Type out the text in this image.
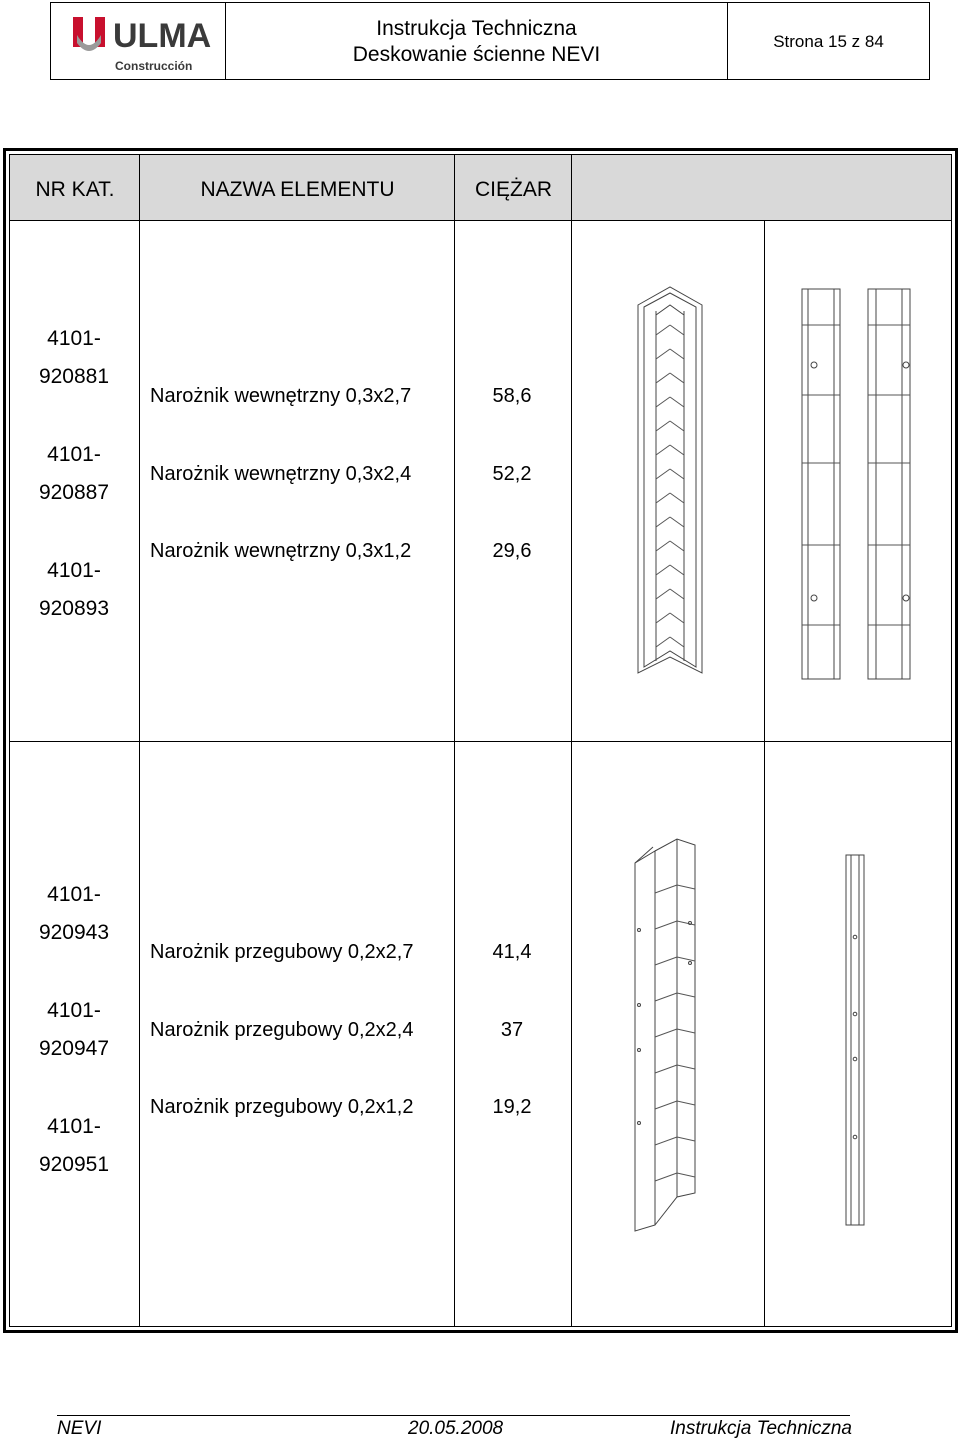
ULMA
Construcción
Instrukcja Techniczna
Deskowanie ścienne NEVI
Strona 15 z 84
NR KAT.	NAZWA ELEMENTU	CIĘŻAR
4101-
920881
Narożnik wewnętrzny 0,3x2,7	58,6
4101-
920887
Narożnik wewnętrzny 0,3x2,4	52,2
4101-
920893
Narożnik wewnętrzny 0,3x1,2	29,6
4101-
920943
Narożnik przegubowy 0,2x2,7	41,4
4101-
920947
Narożnik przegubowy 0,2x2,4	37
4101-
920951
Narożnik przegubowy 0,2x1,2	19,2
NEVI	20.05.2008	Instrukcja Techniczna
